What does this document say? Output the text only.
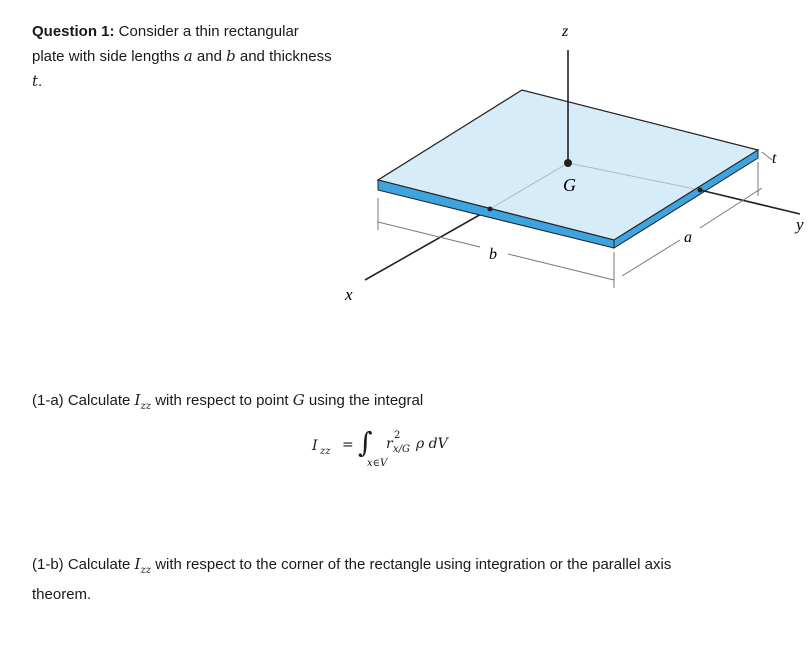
Question 1: Consider a thin rectangular plate with side lengths a and b and thickness t.
z
x
y
G
b
a
t
(1-a) Calculate $I_{zz}$ with respect to point G using the integral
I zz = ∫
x∈V
r
2
x/G ρ dV
(1-b) Calculate $I_{zz}$ with respect to the corner of the rectangle using integration or the parallel axis theorem.
